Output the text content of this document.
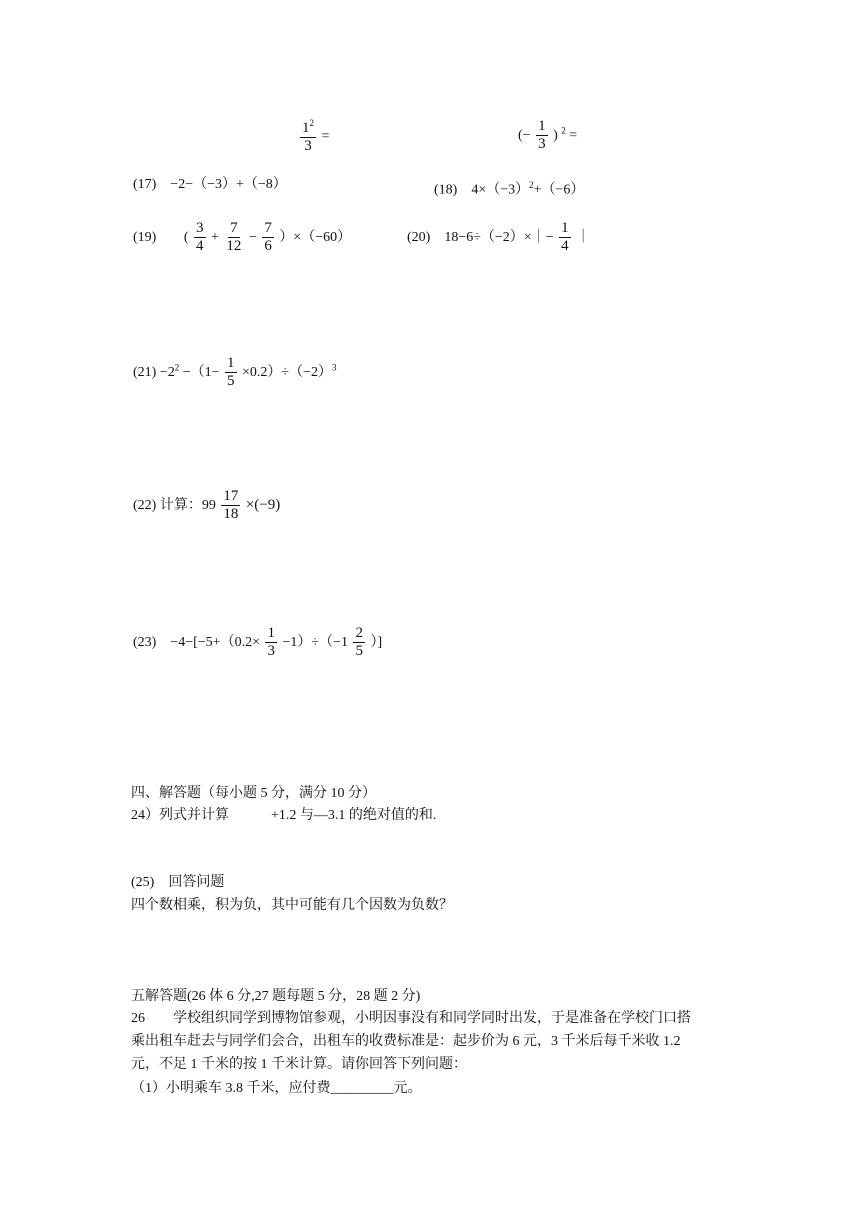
$\frac{1^2}{3}$ =	(− $\frac{1}{3}$ ) $^2$ =
(17)　−2−（−3）+（−8）	(18)　$4\times(-3)^2+(-6)$
(19) ( $\frac{3}{4} + \frac{7}{12} - \frac{7}{6} )\times(-60)$	(20)　18−6÷（−2）×｜− $\frac{1}{4}$ ｜
$(21) -2^2 -(1- \frac{1}{5} \times 0.2)\div(-2)^3$
(22) 计算：$99 \frac{17}{18} \times(-9)$
(23)　$-4-[-5+(0.2\times \frac{1}{3} -1)\div(-1 \frac{2}{5}$ ）]
四、解答题（每小题 5 分，满分 10 分）
24）列式并计算　　　+1.2 与—3.1 的绝对值的和.
(25)　回答问题
四个数相乘，积为负，其中可能有几个因数为负数？
五解答题(26 体 6 分,27 题每题 5 分，28 题 2 分)
26　　学校组织同学到博物馆参观，小明因事没有和同学同时出发，于是准备在学校门口搭
乘出租车赶去与同学们会合，出租车的收费标准是：起步价为 6 元，3 千米后每千米收 1.2
元，不足 1 千米的按 1 千米计算。请你回答下列问题：
（1）小明乘车 3.8 千米，应付费_________元。
